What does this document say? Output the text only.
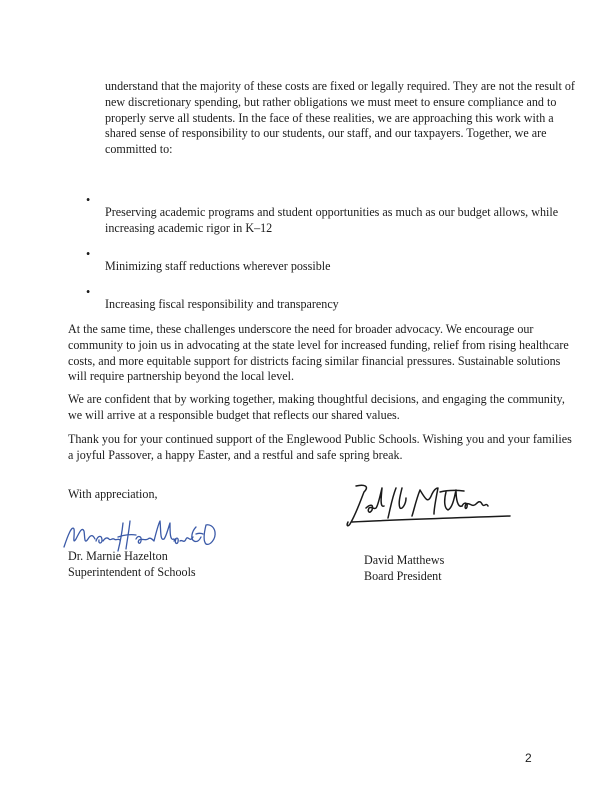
understand that the majority of these costs are fixed or legally required. They are not the result of new discretionary spending, but rather obligations we must meet to ensure compliance and to properly serve all students. In the face of these realities, we are approaching this work with a shared sense of responsibility to our students, our staff, and our taxpayers. Together, we are committed to:

•

Preserving academic programs and student opportunities as much as our budget allows, while increasing academic rigor in K–12

•

Minimizing staff reductions wherever possible

•

Increasing fiscal responsibility and transparency

At the same time, these challenges underscore the need for broader advocacy. We encourage our community to join us in advocating at the state level for increased funding, relief from rising healthcare costs, and more equitable support for districts facing similar financial pressures. Sustainable solutions will require partnership beyond the local level.

We are confident that by working together, making thoughtful decisions, and engaging the community, we will arrive at a responsible budget that reflects our shared values.

Thank you for your continued support of the Englewood Public Schools. Wishing you and your families a joyful Passover, a happy Easter, and a restful and safe spring break.

With appreciation,

Dr. Marnie Hazelton

Superintendent of Schools

David Matthews

Board President

2
